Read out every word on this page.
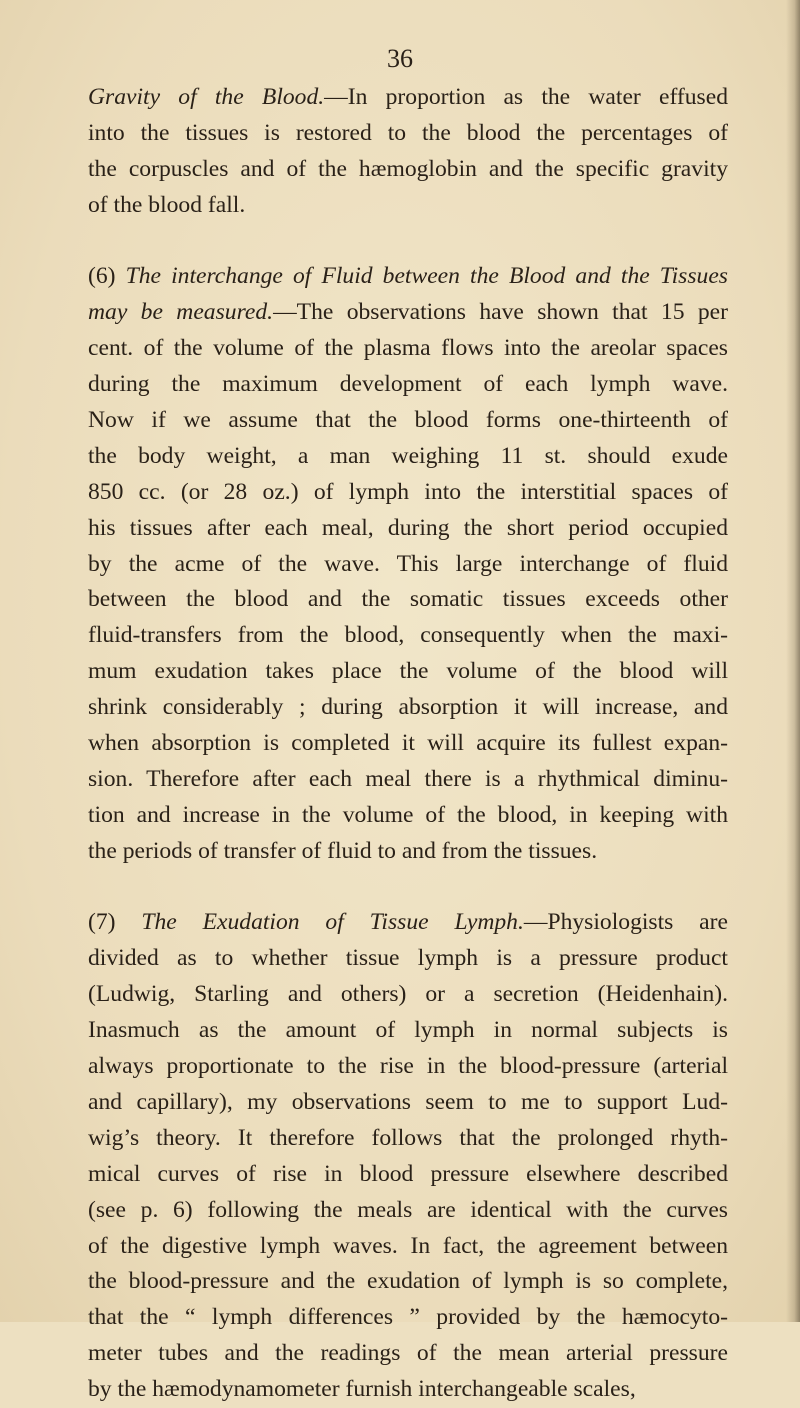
36
Gravity of the Blood.—In proportion as the water effused
into the tissues is restored to the blood the percentages of
the corpuscles and of the hæmoglobin and the specific gravity
of the blood fall.
(6) The interchange of Fluid between the Blood and the Tissues
may be measured.—The observations have shown that 15 per
cent. of the volume of the plasma flows into the areolar spaces
during the maximum development of each lymph wave.
Now if we assume that the blood forms one-thirteenth of
the body weight, a man weighing 11 st. should exude
850 cc. (or 28 oz.) of lymph into the interstitial spaces of
his tissues after each meal, during the short period occupied
by the acme of the wave. This large interchange of fluid
between the blood and the somatic tissues exceeds other
fluid-transfers from the blood, consequently when the maxi-
mum exudation takes place the volume of the blood will
shrink considerably ; during absorption it will increase, and
when absorption is completed it will acquire its fullest expan-
sion. Therefore after each meal there is a rhythmical diminu-
tion and increase in the volume of the blood, in keeping with
the periods of transfer of fluid to and from the tissues.
(7) The Exudation of Tissue Lymph.—Physiologists are
divided as to whether tissue lymph is a pressure product
(Ludwig, Starling and others) or a secretion (Heidenhain).
Inasmuch as the amount of lymph in normal subjects is
always proportionate to the rise in the blood-pressure (arterial
and capillary), my observations seem to me to support Lud-
wig’s theory. It therefore follows that the prolonged rhyth-
mical curves of rise in blood pressure elsewhere described
(see p. 6) following the meals are identical with the curves
of the digestive lymph waves. In fact, the agreement between
the blood-pressure and the exudation of lymph is so complete,
that the “ lymph differences ” provided by the hæmocyto-
meter tubes and the readings of the mean arterial pressure
by the hæmodynamometer furnish interchangeable scales,
